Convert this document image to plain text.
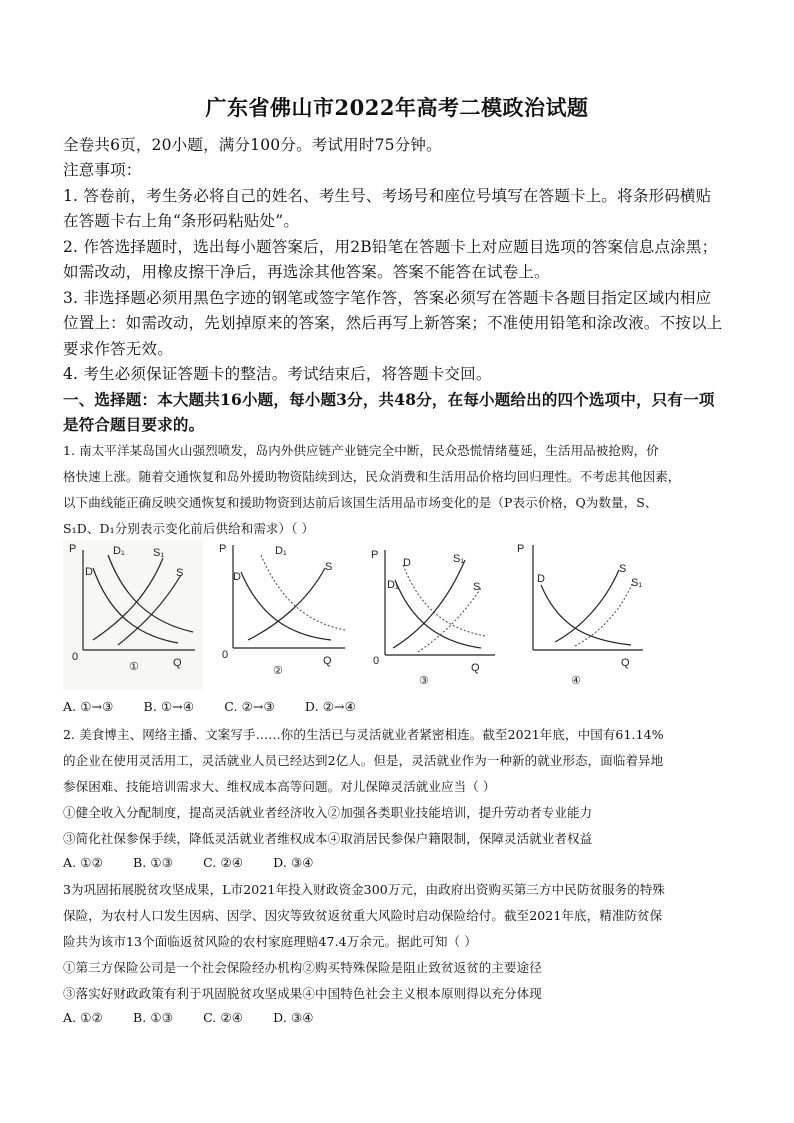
广东省佛山市2022年高考二模政治试题
全卷共6页，20小题，满分100分。考试用时75分钟。
注意事项：
1. 答卷前，考生务必将自己的姓名、考生号、考场号和座位号填写在答题卡上。将条形码横贴
在答题卡右上角“条形码粘贴处”。
2. 作答选择题时，选出每小题答案后，用2B铅笔在答题卡上对应题目选项的答案信息点涂黑；
如需改动，用橡皮擦干净后，再选涂其他答案。答案不能答在试卷上。
3. 非选择题必须用黑色字迹的钢笔或签字笔作答，答案必须写在答题卡各题目指定区域内相应
位置上：如需改动，先划掉原来的答案，然后再写上新答案；不准使用铅笔和涂改液。不按以上
要求作答无效。
4. 考生必须保证答题卡的整洁。考试结束后，将答题卡交回。
一、选择题：本大题共16小题，每小题3分，共48分，在每小题给出的四个选项中，只有一项
是符合题目要求的。
1. 南太平洋某岛国火山强烈喷发，岛内外供应链产业链完全中断，民众恐慌情绪蔓延，生活用品被抢购，价
格快速上涨。随着交通恢复和岛外援助物资陆续到达，民众消费和生活用品价格均回归理性。不考虑其他因素，
以下曲线能正确反映交通恢复和援助物资到达前后该国生活用品市场变化的是（P表示价格，Q为数量，S、
S₁D、D₁分别表示变化前后供给和需求）（ ）
P
Q
0
D
D₁	S₁
S
①
P
Q
0
D
D₁
S
②
P
Q
0
D
D₁
S₁
S
③
P
Q
D
S
S₁
④
A. ①→③ B. ①→④ C. ②→③ D. ②→④
2. 美食博主、网络主播、文案写手……你的生活已与灵活就业者紧密相连。截至2021年底，中国有61.14%
的企业在使用灵活用工，灵活就业人员已经达到2亿人。但是，灵活就业作为一种新的就业形态，面临着异地
参保困难、技能培训需求大、维权成本高等问题。对儿保障灵活就业应当（ ）
①健全收入分配制度，提高灵活就业者经济收入②加强各类职业技能培训，提升劳动者专业能力
③简化社保参保手续，降低灵活就业者维权成本④取消居民参保户籍限制，保障灵活就业者权益
A. ①② B. ①③ C. ②④ D. ③④
3为巩固拓展脱贫攻坚成果，L市2021年投入财政资金300万元，由政府出资购买第三方中民防贫服务的特殊
保险，为农村人口发生因病、因学、因灾等致贫返贫重大风险时启动保险给付。截至2021年底，精准防贫保
险共为该市13个面临返贫风险的农村家庭理赔47.4万余元。据此可知（ ）
①第三方保险公司是一个社会保险经办机构②购买特殊保险是阻止致贫返贫的主要途径
③落实好财政政策有利于巩固脱贫攻坚成果④中国特色社会主义根本原则得以充分体现
A. ①② B. ①③ C. ②④ D. ③④
